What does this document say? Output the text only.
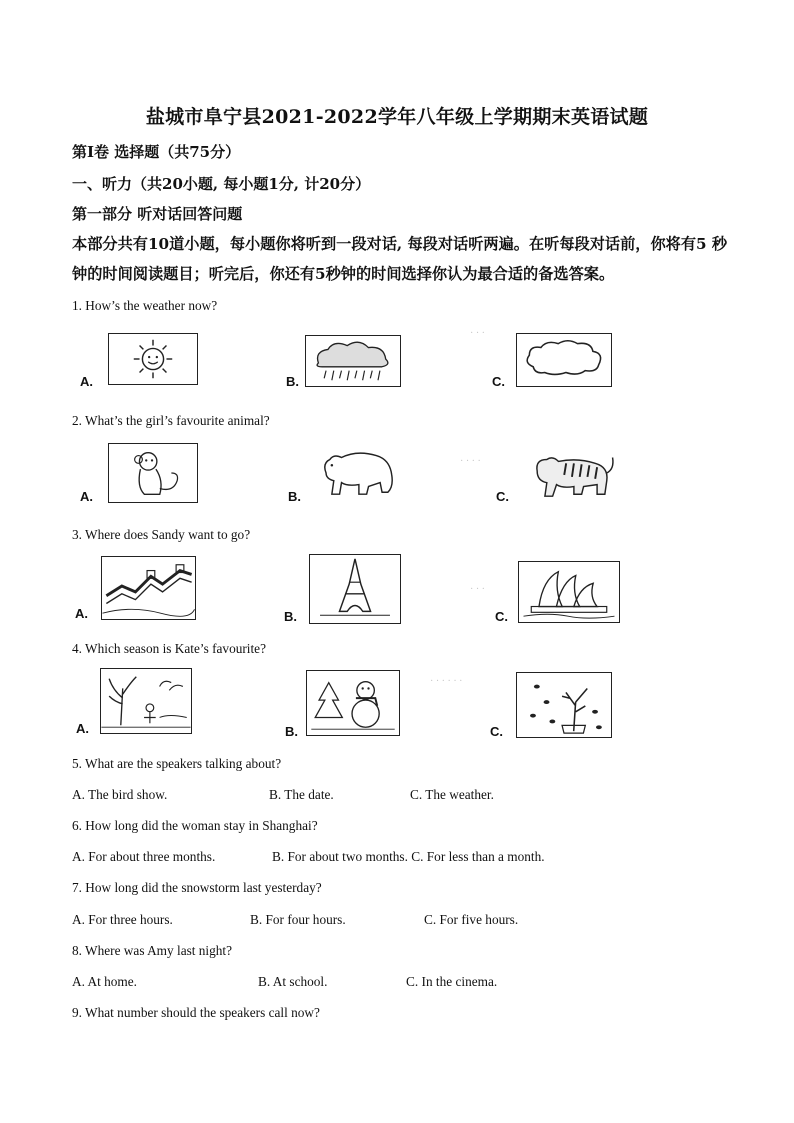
盐城市阜宁县2021-2022学年八年级上学期期末英语试题
第I卷 选择题（共75分）
一、听力（共20小题, 每小题1分, 计20分）
第一部分 听对话回答问题
本部分共有10道小题，每小题你将听到一段对话, 每段对话听两遍。在听每段对话前，你将有5 秒钟的时间阅读题目；听完后，你还有5秒钟的时间选择你认为最合适的备选答案。
1. How’s the weather now?
A.	B.	C.
2. What’s the girl’s favourite animal?
A.	B.	C.
3. Where does Sandy want to go?
A.	B.	C.
4. Which season is Kate’s favourite?
A.	B.	C.
· · ·
· · · ·
· · ·
· · · · · ·
5. What are the speakers talking about?
A. The bird show.	B. The date.	C. The weather.
6. How long did the woman stay in Shanghai?
A. For about three months.	B. For about two months. C. For less than a month.
7. How long did the snowstorm last yesterday?
A. For three hours.	B. For four hours.	C. For five hours.
8. Where was Amy last night?
A. At home.	B. At school.	C. In the cinema.
9. What number should the speakers call now?
